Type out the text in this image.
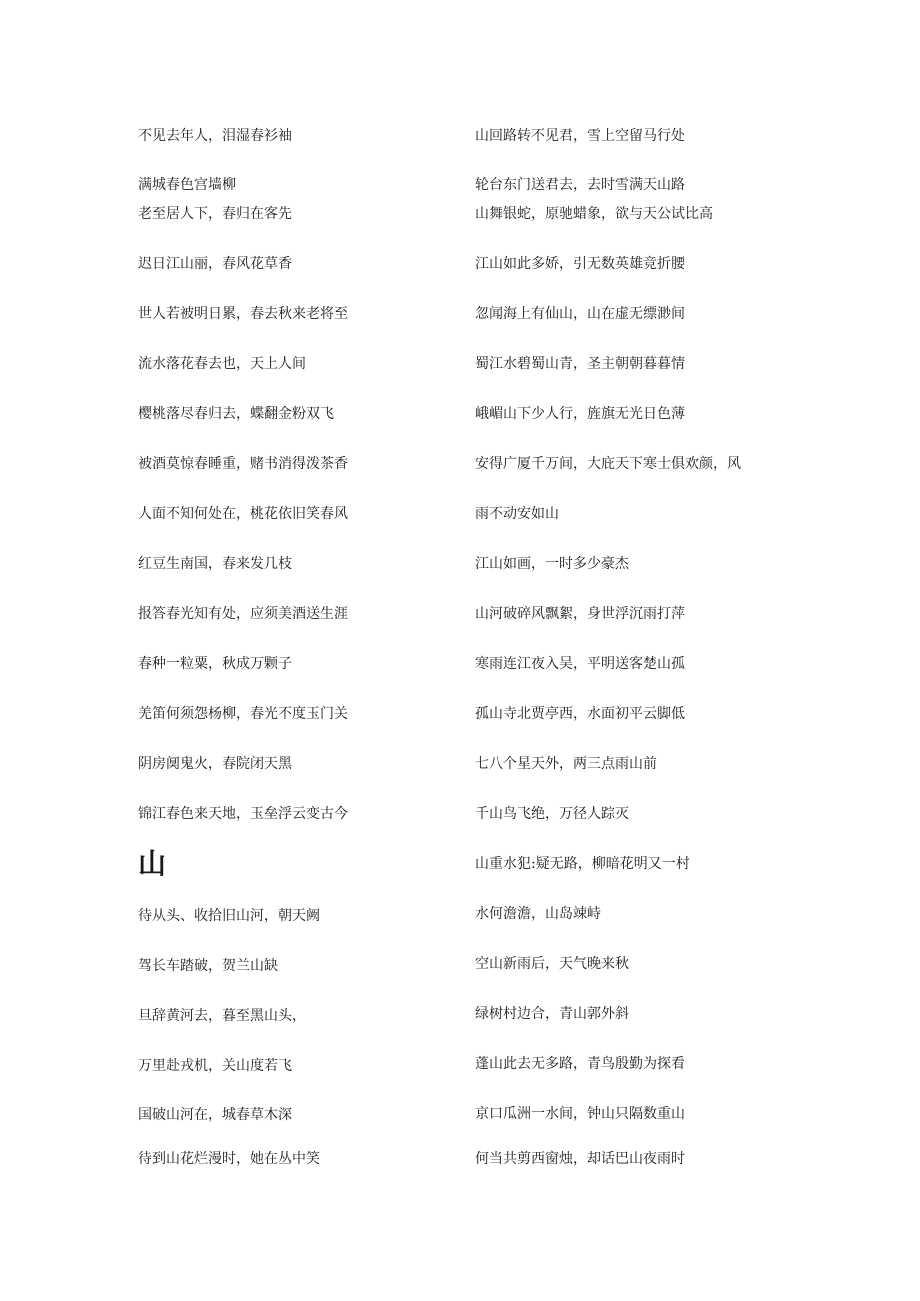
不见去年人，泪湿春衫袖
满城春色宫墙柳
老至居人下，春归在客先
迟日江山丽，春风花草香
世人若被明日累，春去秋来老将至
流水落花春去也，天上人间
樱桃落尽春归去，蝶翻金粉双飞
被酒莫惊春睡重，赌书消得泼茶香
人面不知何处在，桃花依旧笑春风
红豆生南国，春来发几枝
报答春光知有处，应须美酒送生涯
春种一粒粟，秋成万颗子
羌笛何须怨杨柳，春光不度玉门关
阴房阒鬼火，春院闭天黑
锦江春色来天地，玉垒浮云变古今
山
待从头、收拾旧山河，朝天阙
驾长车踏破，贺兰山缺
旦辞黄河去，暮至黑山头，
万里赴戎机，关山度若飞
国破山河在，城春草木深
待到山花烂漫时，她在丛中笑
山回路转不见君，雪上空留马行处
轮台东门送君去，去时雪满天山路
山舞银蛇，原驰蜡象，欲与天公试比高
江山如此多娇，引无数英雄竞折腰
忽闻海上有仙山，山在虚无缥渺间
蜀江水碧蜀山青，圣主朝朝暮暮情
峨嵋山下少人行，旌旗无光日色薄
安得广厦千万间，大庇天下寒士俱欢颜，风
雨不动安如山
江山如画，一时多少豪杰
山河破碎风飘絮，身世浮沉雨打萍
寒雨连江夜入吴，平明送客楚山孤
孤山寺北贾亭西，水面初平云脚低
七八个星天外，两三点雨山前
千山鸟飞绝，万径人踪灭
山重水犯:疑无路，柳暗花明又一村
水何澹澹，山岛竦峙
空山新雨后，天气晚来秋
绿树村边合，青山郭外斜
蓬山此去无多路，青鸟殷勤为探看
京口瓜洲一水间，钟山只隔数重山
何当共剪西窗烛，却话巴山夜雨时
